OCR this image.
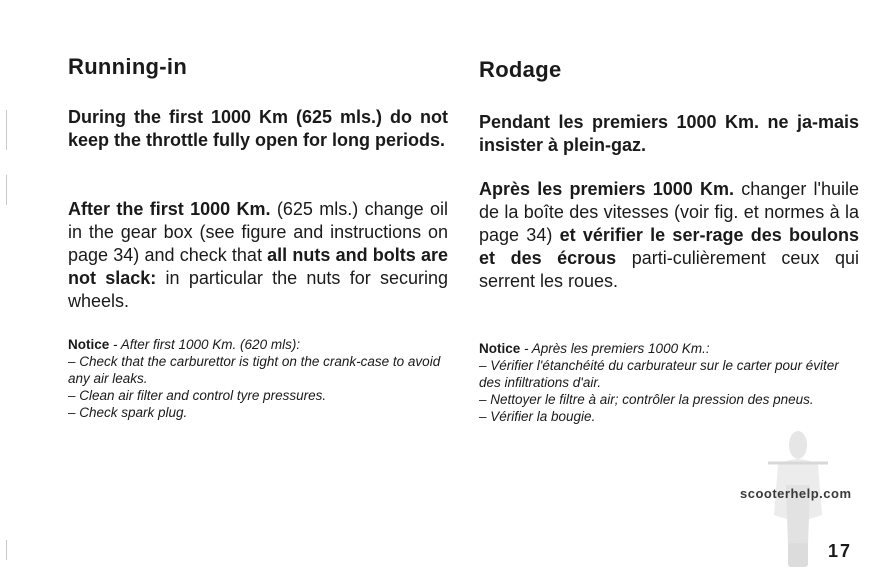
Running-in

During the first 1000 Km (625 mls.) do not keep the throttle fully open for long periods.

After the first 1000 Km. (625 mls.) change oil in the gear box (see figure and instructions on page 34) and check that all nuts and bolts are not slack: in particular the nuts for securing wheels.

Notice - After first 1000 Km. (620 mls):
– Check that the carburettor is tight on the crank-case to avoid any air leaks.
– Clean air filter and control tyre pressures.
– Check spark plug.
Rodage

Pendant les premiers 1000 Km. ne ja-mais insister à plein-gaz.

Après les premiers 1000 Km. changer l'huile de la boîte des vitesses (voir fig. et normes à la page 34) et vérifier le ser-rage des boulons et des écrous parti-culièrement ceux qui serrent les roues.

Notice - Après les premiers 1000 Km.:
– Vérifier l'étanchéité du carburateur sur le carter pour éviter des infiltrations d'air.
– Nettoyer le filtre à air; contrôler la pression des pneus.
– Vérifier la bougie.
scooterhelp.com
17
